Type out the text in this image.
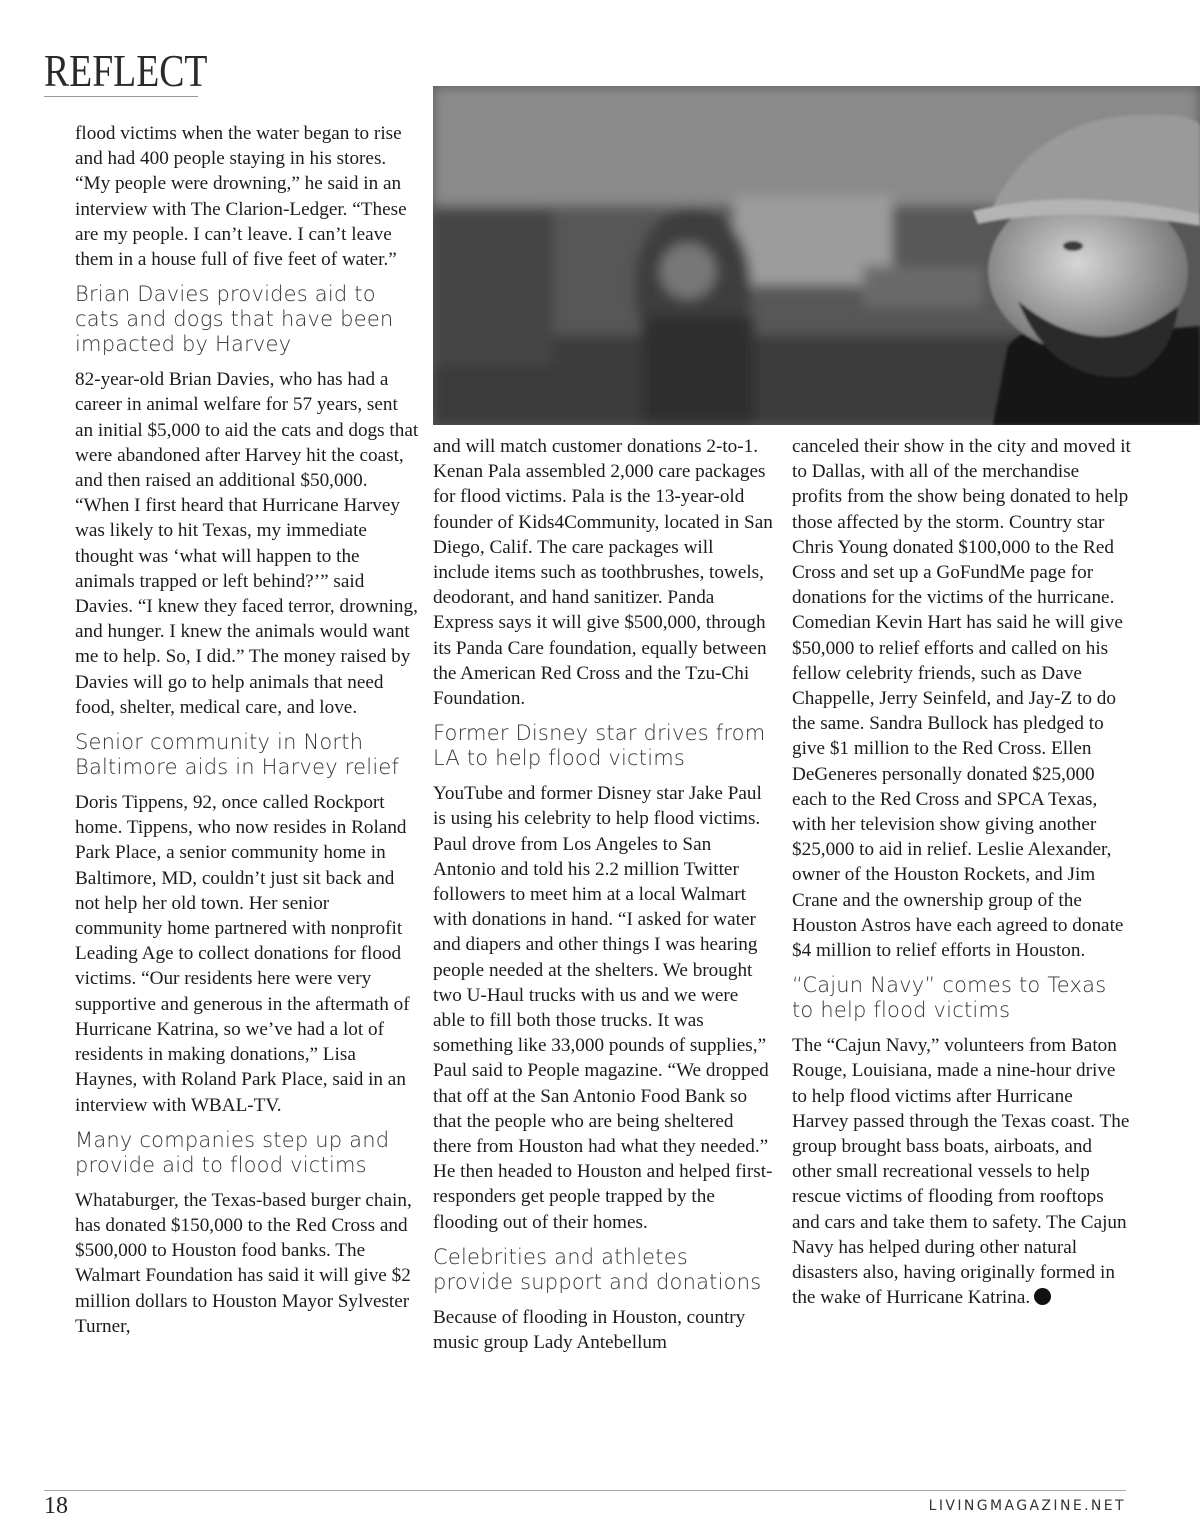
REFLECT

flood victims when the water began to rise and had 400 people staying in his stores. “My people were drowning,” he said in an interview with The Clarion-Ledger. “These are my people. I can’t leave. I can’t leave them in a house full of five feet of water.”

Brian Davies provides aid to cats and dogs that have been impacted by Harvey

82-year-old Brian Davies, who has had a career in animal welfare for 57 years, sent an initial $5,000 to aid the cats and dogs that were abandoned after Harvey hit the coast, and then raised an additional $50,000. “When I first heard that Hurricane Harvey was likely to hit Texas, my immediate thought was ‘what will happen to the animals trapped or left behind?’” said Davies. “I knew they faced terror, drowning, and hunger. I knew the animals would want me to help. So, I did.” The money raised by Davies will go to help animals that need food, shelter, medical care, and love.

Senior community in North Baltimore aids in Harvey relief

Doris Tippens, 92, once called Rockport home. Tippens, who now resides in Roland Park Place, a senior community home in Baltimore, MD, couldn’t just sit back and not help her old town. Her senior community home partnered with nonprofit Leading Age to collect donations for flood victims. “Our residents here were very supportive and generous in the aftermath of Hurricane Katrina, so we’ve had a lot of residents in making donations,” Lisa Haynes, with Roland Park Place, said in an interview with WBAL-TV.

Many companies step up and provide aid to flood victims

Whataburger, the Texas-based burger chain, has donated $150,000 to the Red Cross and $500,000 to Houston food banks. The Walmart Foundation has said it will give $2 million dollars to Houston Mayor Sylvester Turner,

and will match customer donations 2-to-1. Kenan Pala assembled 2,000 care packages for flood victims. Pala is the 13-year-old founder of Kids4Community, located in San Diego, Calif. The care packages will include items such as toothbrushes, towels, deodorant, and hand sanitizer. Panda Express says it will give $500,000, through its Panda Care foundation, equally between the American Red Cross and the Tzu-Chi Foundation.

Former Disney star drives from LA to help flood victims

YouTube and former Disney star Jake Paul is using his celebrity to help flood victims. Paul drove from Los Angeles to San Antonio and told his 2.2 million Twitter followers to meet him at a local Walmart with donations in hand. “I asked for water and diapers and other things I was hearing people needed at the shelters. We brought two U-Haul trucks with us and we were able to fill both those trucks. It was something like 33,000 pounds of supplies,” Paul said to People magazine. “We dropped that off at the San Antonio Food Bank so that the people who are being sheltered there from Houston had what they needed.” He then headed to Houston and helped first-responders get people trapped by the flooding out of their homes.

Celebrities and athletes provide support and donations

Because of flooding in Houston, country music group Lady Antebellum

canceled their show in the city and moved it to Dallas, with all of the merchandise profits from the show being donated to help those affected by the storm. Country star Chris Young donated $100,000 to the Red Cross and set up a GoFundMe page for donations for the victims of the hurricane. Comedian Kevin Hart has said he will give $50,000 to relief efforts and called on his fellow celebrity friends, such as Dave Chappelle, Jerry Seinfeld, and Jay-Z to do the same. Sandra Bullock has pledged to give $1 million to the Red Cross. Ellen DeGeneres personally donated $25,000 each to the Red Cross and SPCA Texas, with her television show giving another $25,000 to aid in relief. Leslie Alexander, owner of the Houston Rockets, and Jim Crane and the ownership group of the Houston Astros have each agreed to donate $4 million to relief efforts in Houston.

“Cajun Navy” comes to Texas to help flood victims

The “Cajun Navy,” volunteers from Baton Rouge, Louisiana, made a nine-hour drive to help flood victims after Hurricane Harvey passed through the Texas coast. The group brought bass boats, airboats, and other small recreational vessels to help rescue victims of flooding from rooftops and cars and take them to safety. The Cajun Navy has helped during other natural disasters also, having originally formed in the wake of Hurricane Katrina.

18	LIVINGMAGAZINE.NET
